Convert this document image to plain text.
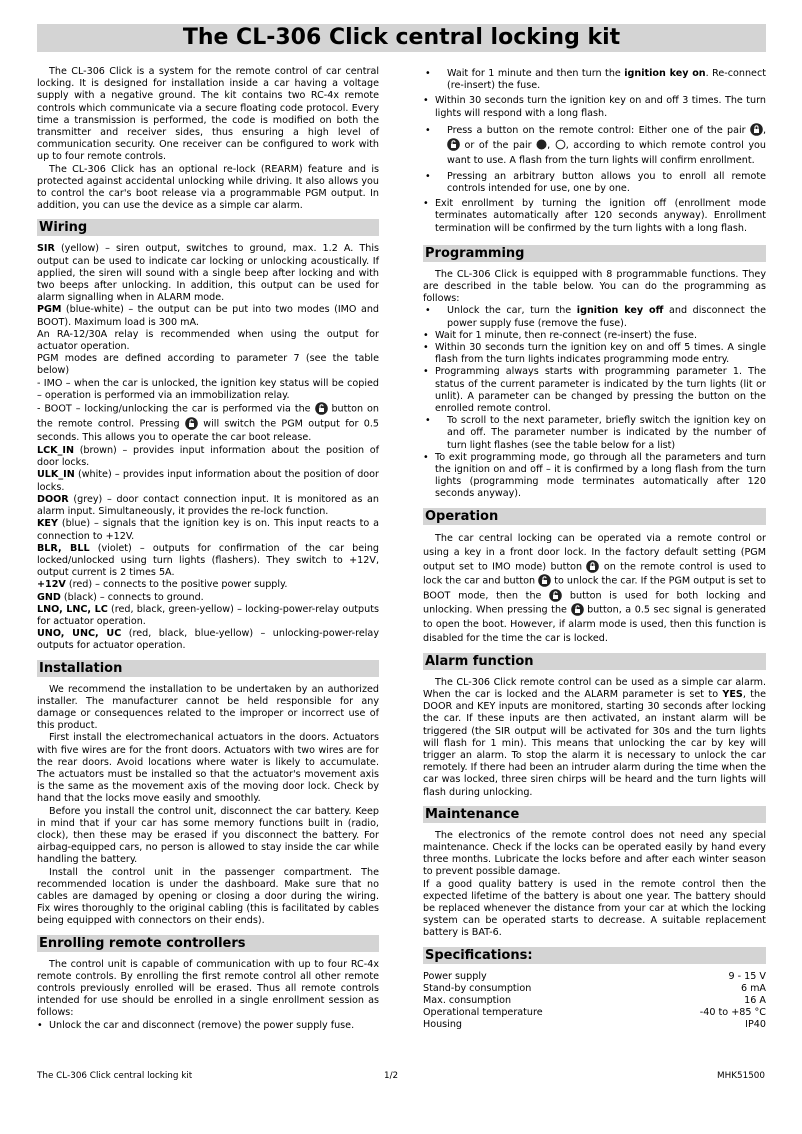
The CL-306 Click central locking kit

The CL-306 Click is a system for the remote control of car central locking. It is designed for installation inside a car having a voltage supply with a negative ground. The kit contains two RC-4x remote controls which communicate via a secure floating code protocol. Every time a transmission is performed, the code is modified on both the transmitter and receiver sides, thus ensuring a high level of communication security. One receiver can be configured to work with up to four remote controls.

The CL-306 Click has an optional re-lock (REARM) feature and is protected against accidental unlocking while driving. It also allows you to control the car's boot release via a programmable PGM output. In addition, you can use the device as a simple car alarm.

Wiring

SIR (yellow) – siren output, switches to ground, max. 1.2 A. This output can be used to indicate car locking or unlocking acoustically. If applied, the siren will sound with a single beep after locking and with two beeps after unlocking. In addition, this output can be used for alarm signalling when in ALARM mode.

PGM (blue-white) – the output can be put into two modes (IMO and BOOT). Maximum load is 300 mA.

An RA-12/30A relay is recommended when using the output for actuator operation.

PGM modes are defined according to parameter 7 (see the table below)

- IMO – when the car is unlocked, the ignition key status will be copied – operation is performed via an immobilization relay.

- BOOT – locking/unlocking the car is performed via the button on the remote control. Pressing will switch the PGM output for 0.5 seconds. This allows you to operate the car boot release.

LCK_IN (brown) – provides input information about the position of door locks.

ULK_IN (white) – provides input information about the position of door locks.

DOOR (grey) – door contact connection input. It is monitored as an alarm input. Simultaneously, it provides the re-lock function.

KEY (blue) – signals that the ignition key is on. This input reacts to a connection to +12V.

BLR, BLL (violet) – outputs for confirmation of the car being locked/unlocked using turn lights (flashers). They switch to +12V, output current is 2 times 5A.

+12V (red) – connects to the positive power supply.

GND (black) – connects to ground.

LNO, LNC, LC (red, black, green-yellow) – locking-power-relay outputs for actuator operation.

UNO, UNC, UC (red, black, blue-yellow) – unlocking-power-relay outputs for actuator operation.

Installation

We recommend the installation to be undertaken by an authorized installer. The manufacturer cannot be held responsible for any damage or consequences related to the improper or incorrect use of this product.

First install the electromechanical actuators in the doors. Actuators with five wires are for the front doors. Actuators with two wires are for the rear doors. Avoid locations where water is likely to accumulate. The actuators must be installed so that the actuator's movement axis is the same as the movement axis of the moving door lock. Check by hand that the locks move easily and smoothly.

Before you install the control unit, disconnect the car battery. Keep in mind that if your car has some memory functions built in (radio, clock), then these may be erased if you disconnect the battery. For airbag-equipped cars, no person is allowed to stay inside the car while handling the battery.

Install the control unit in the passenger compartment. The recommended location is under the dashboard. Make sure that no cables are damaged by opening or closing a door during the wiring. Fix wires thoroughly to the original cabling (this is facilitated by cables being equipped with connectors on their ends).

Enrolling remote controllers

The control unit is capable of communication with up to four RC-4x remote controls. By enrolling the first remote control all other remote controls previously enrolled will be erased. Thus all remote controls intended for use should be enrolled in a single enrollment session as follows:

• Unlock the car and disconnect (remove) the power supply fuse.
• Wait for 1 minute and then turn the ignition key on. Re-connect (re-insert) the fuse.
• Within 30 seconds turn the ignition key on and off 3 times. The turn lights will respond with a long flash.
• Press a button on the remote control: Either one of the pair ,  or of the pair , , according to which remote control you want to use. A flash from the turn lights will confirm enrollment.
• Pressing an arbitrary button allows you to enroll all remote controls intended for use, one by one.
• Exit enrollment by turning the ignition off (enrollment mode terminates automatically after 120 seconds anyway). Enrollment termination will be confirmed by the turn lights with a long flash.
Programming

The CL-306 Click is equipped with 8 programmable functions. They are described in the table below. You can do the programming as follows:

• Unlock the car, turn the ignition key off and disconnect the power supply fuse (remove the fuse).
• Wait for 1 minute, then re-connect (re-insert) the fuse.
• Within 30 seconds turn the ignition key on and off 5 times. A single flash from the turn lights indicates programming mode entry.
• Programming always starts with programming parameter 1. The status of the current parameter is indicated by the turn lights (lit or unlit). A parameter can be changed by pressing the button on the enrolled remote control.
• To scroll to the next parameter, briefly switch the ignition key on and off. The parameter number is indicated by the number of turn light flashes (see the table below for a list)
• To exit programming mode, go through all the parameters and turn the ignition on and off – it is confirmed by a long flash from the turn lights (programming mode terminates automatically after 120 seconds anyway).
Operation

The car central locking can be operated via a remote control or using a key in a front door lock. In the factory default setting (PGM output set to IMO mode) button on the remote control is used to lock the car and button to unlock the car. If the PGM output is set to BOOT mode, then the	button is used for both locking and unlocking. When pressing the button, a 0.5 sec signal is generated to open the boot. However, if alarm mode is used, then this function is disabled for the time the car is locked.

Alarm function

The CL-306 Click remote control can be used as a simple car alarm. When the car is locked and the ALARM parameter is set to YES, the DOOR and KEY inputs are monitored, starting 30 seconds after locking the car. If these inputs are then activated, an instant alarm will be triggered (the SIR output will be activated for 30s and the turn lights will flash for 1 min). This means that unlocking the car by key will trigger an alarm. To stop the alarm it is necessary to unlock the car remotely. If there had been an intruder alarm during the time when the car was locked, three siren chirps will be heard and the turn lights will flash during unlocking.

Maintenance

The electronics of the remote control does not need any special maintenance. Check if the locks can be operated easily by hand every three months. Lubricate the locks before and after each winter season to prevent possible damage.

If a good quality battery is used in the remote control then the expected lifetime of the battery is about one year. The battery should be replaced whenever the distance from your car at which the locking system can be operated starts to decrease. A suitable replacement battery is BAT-6.

Specifications:
Power supply	9 - 15 V
Stand-by consumption	6 mA
Max. consumption	16 A
Operational temperature	-40 to +85 °C
Housing	IP40
The CL-306 Click central locking kit	1/2	MHK51500
